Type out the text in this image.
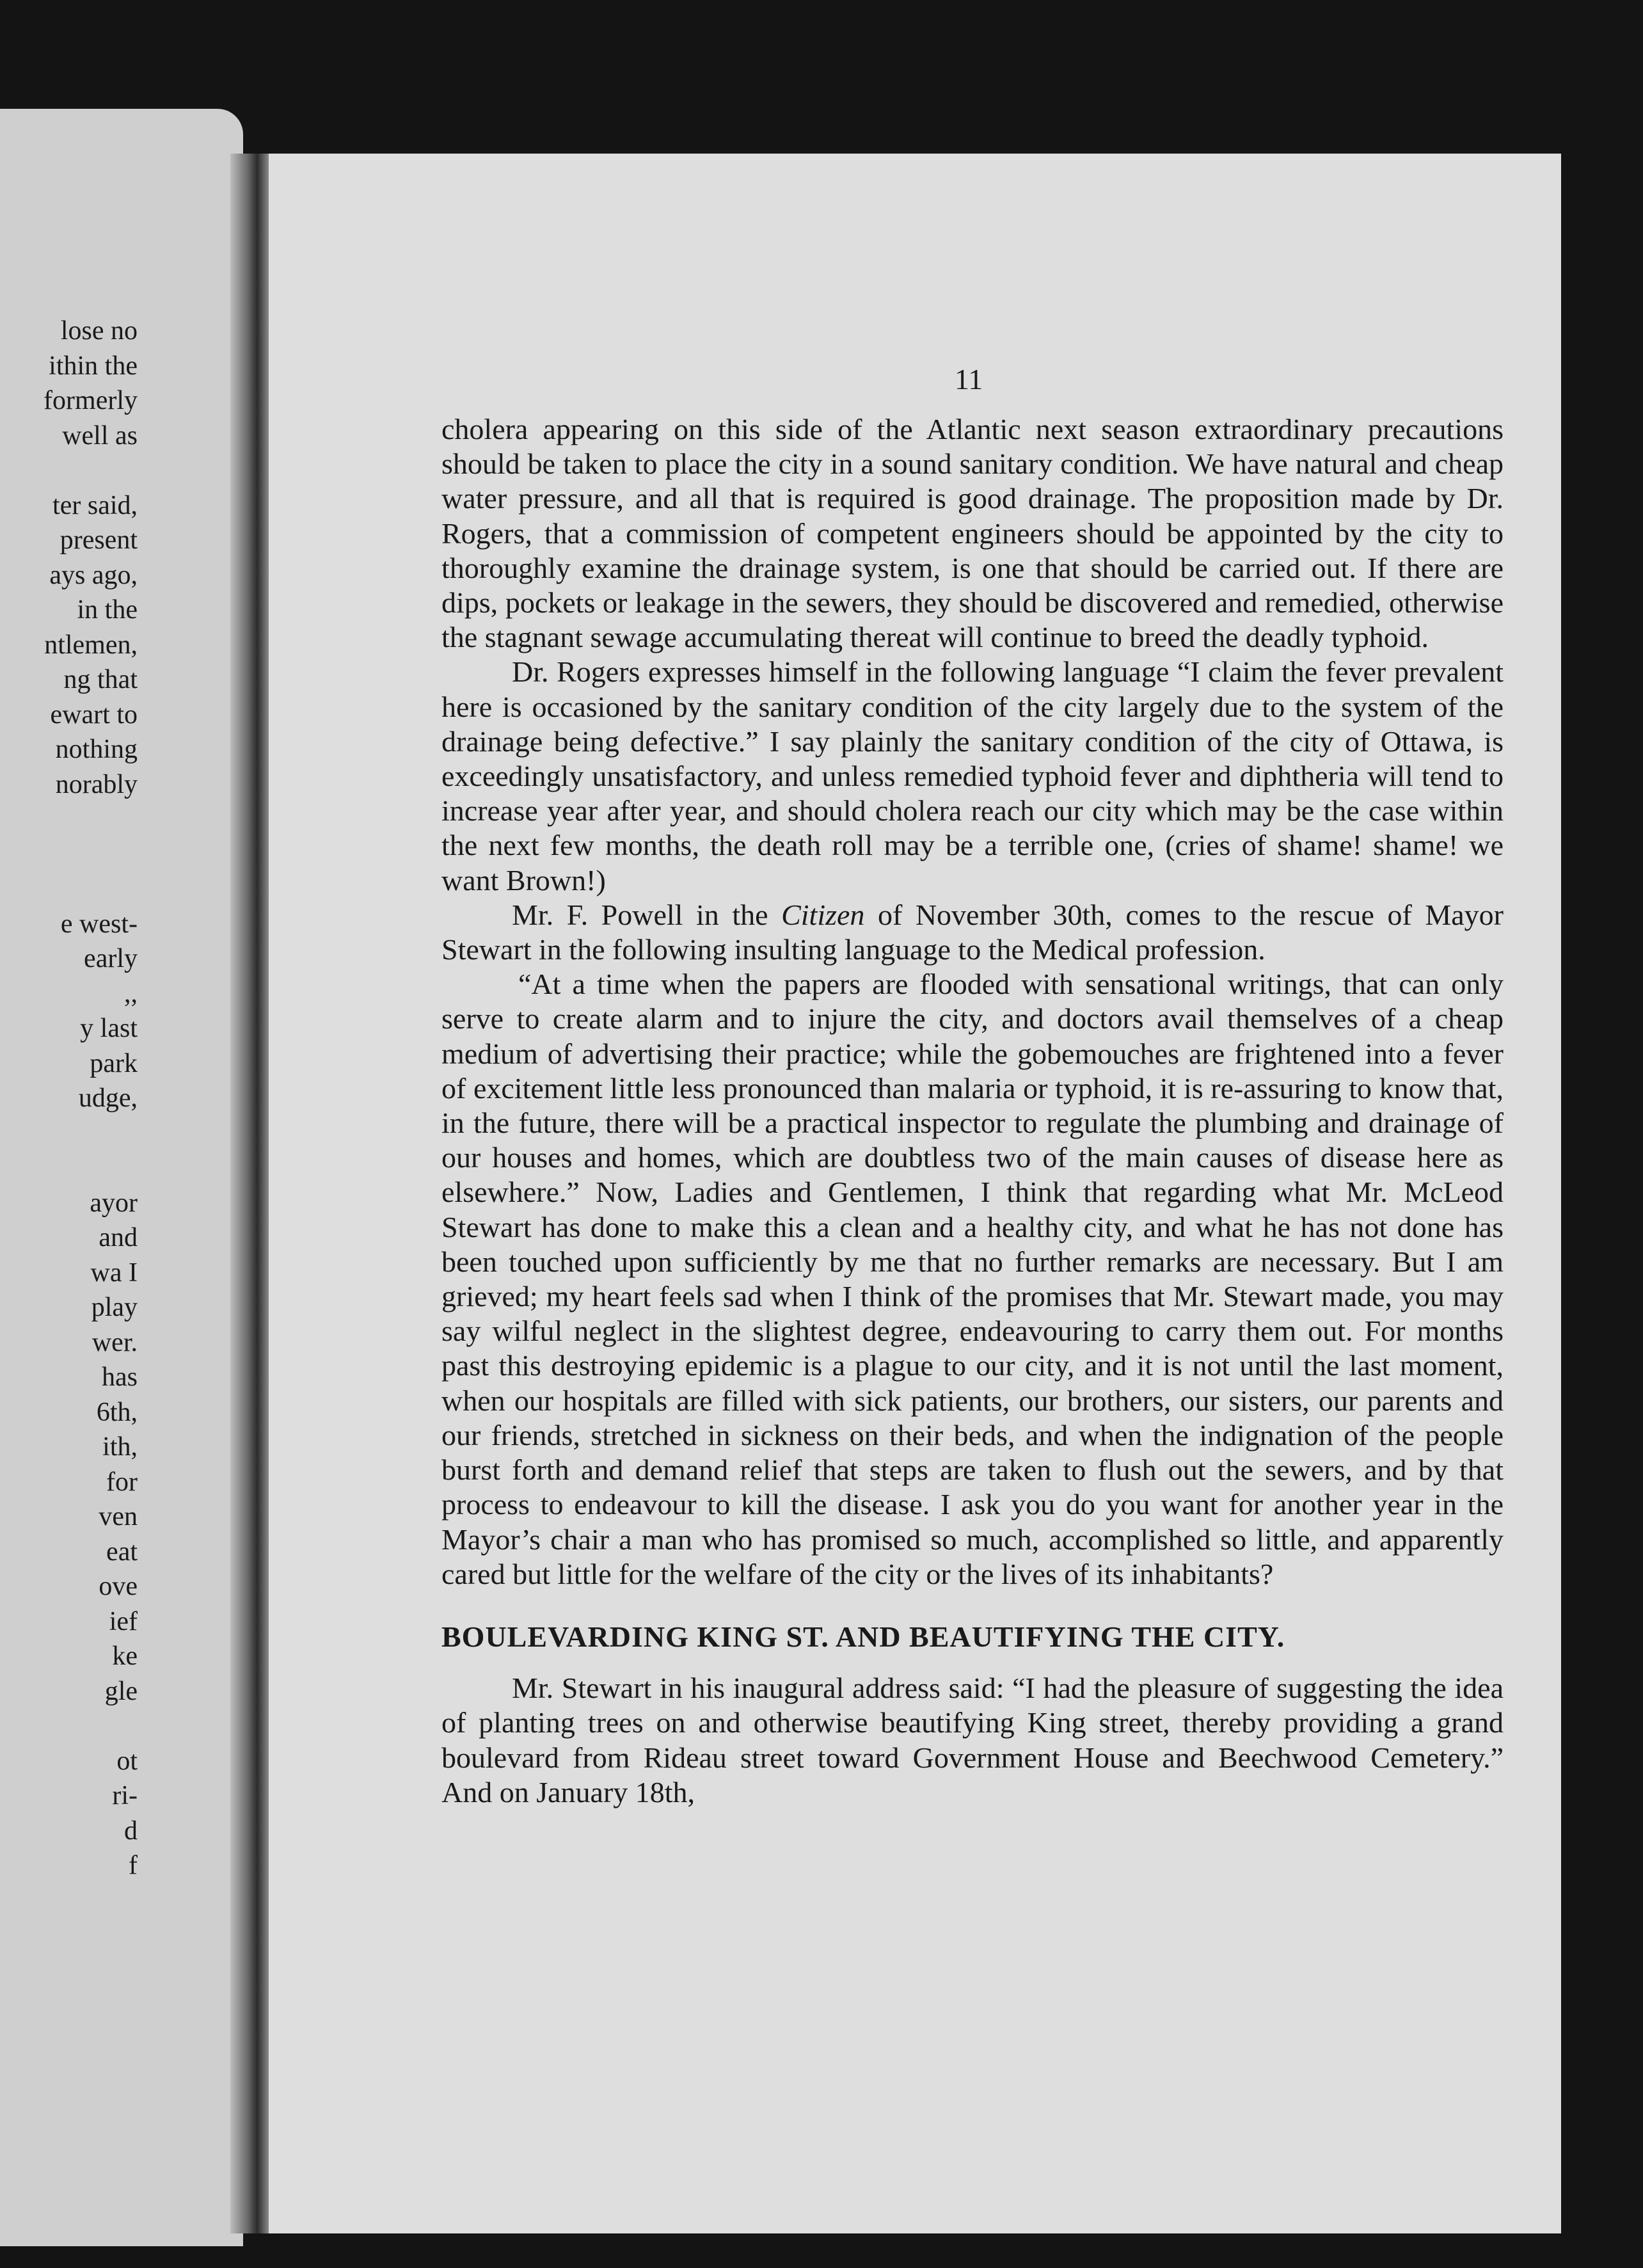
lose no
ithin the
formerly
well as
ter said,
present
ays ago,
in the
ntlemen,
ng that
ewart to
nothing
norably
e west-
early
,,
y last
park
udge,
ayor
and
wa I
play
wer.
has
6th,
ith,
for
ven
eat
ove
ief
ke
gle
ot
ri-
d
f
11

cholera appearing on this side of the Atlantic next season extraordinary precautions should be taken to place the city in a sound sanitary condition. We have natural and cheap water pressure, and all that is required is good drainage. The proposition made by Dr. Rogers, that a commission of competent engineers should be appointed by the city to thoroughly examine the drainage system, is one that should be carried out. If there are dips, pockets or leakage in the sewers, they should be discovered and remedied, otherwise the stagnant sewage accumulating thereat will continue to breed the deadly typhoid.

Dr. Rogers expresses himself in the following language “I claim the fever prevalent here is occasioned by the sanitary condition of the city largely due to the system of the drainage being defective.” I say plainly the sanitary condition of the city of Ottawa, is exceedingly unsatisfactory, and unless remedied typhoid fever and diphtheria will tend to increase year after year, and should cholera reach our city which may be the case within the next few months, the death roll may be a terrible one, (cries of shame! shame! we want Brown!)

Mr. F. Powell in the Citizen of November 30th, comes to the rescue of Mayor Stewart in the following insulting language to the Medical profession.

“At a time when the papers are flooded with sensational writings, that can only serve to create alarm and to injure the city, and doctors avail themselves of a cheap medium of advertising their practice; while the gobemouches are frightened into a fever of excitement little less pronounced than malaria or typhoid, it is re-assuring to know that, in the future, there will be a practical inspector to regulate the plumbing and drainage of our houses and homes, which are doubtless two of the main causes of disease here as elsewhere.” Now, Ladies and Gentlemen, I think that regarding what Mr. McLeod Stewart has done to make this a clean and a healthy city, and what he has not done has been touched upon sufficiently by me that no further remarks are necessary. But I am grieved; my heart feels sad when I think of the promises that Mr. Stewart made, you may say wilful neglect in the slightest degree, endeavouring to carry them out. For months past this destroying epidemic is a plague to our city, and it is not until the last moment, when our hospitals are filled with sick patients, our brothers, our sisters, our parents and our friends, stretched in sickness on their beds, and when the indignation of the people burst forth and demand relief that steps are taken to flush out the sewers, and by that process to endeavour to kill the disease. I ask you do you want for another year in the Mayor’s chair a man who has promised so much, accomplished so little, and apparently cared but little for the welfare of the city or the lives of its inhabitants?

BOULEVARDING KING ST. AND BEAUTIFYING THE CITY.

Mr. Stewart in his inaugural address said: “I had the pleasure of suggesting the idea of planting trees on and otherwise beautifying King street, thereby providing a grand boulevard from Rideau street toward Government House and Beechwood Cemetery.” And on January 18th,
